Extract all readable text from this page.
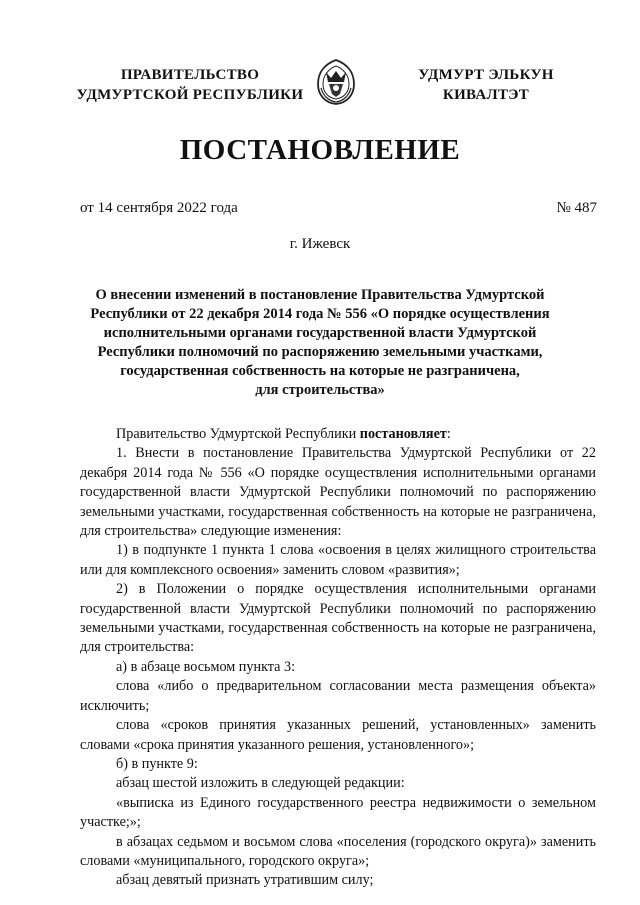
ПРАВИТЕЛЬСТВО
УДМУРТСКОЙ РЕСПУБЛИКИ
УДМУРТ ЭЛЬКУН
КИВАЛТЭТ
ПОСТАНОВЛЕНИЕ
от 14 сентября 2022 года	№ 487
г. Ижевск
О внесении изменений в постановление Правительства Удмуртской
Республики от 22 декабря 2014 года № 556 «О порядке осуществления
исполнительными органами государственной власти Удмуртской
Республики полномочий по распоряжению земельными участками,
государственная собственность на которые не разграничена,
для строительства»

Правительство Удмуртской Республики постановляет:

1. Внести в постановление Правительства Удмуртской Республики от 22 декабря 2014 года № 556 «О порядке осуществления исполнительными органами государственной власти Удмуртской Республики полномочий по распоряжению земельными участками, государственная собственность на которые не разграничена, для строительства» следующие изменения:

1) в подпункте 1 пункта 1 слова «освоения в целях жилищного строительства или для комплексного освоения» заменить словом «развития»;

2) в Положении о порядке осуществления исполнительными органами государственной власти Удмуртской Республики полномочий по распоряжению земельными участками, государственная собственность на которые не разграничена, для строительства:

а) в абзаце восьмом пункта 3:

слова «либо о предварительном согласовании места размещения объекта» исключить;

слова «сроков принятия указанных решений, установленных» заменить словами «срока принятия указанного решения, установленного»;

б) в пункте 9:

абзац шестой изложить в следующей редакции:

«выписка из Единого государственного реестра недвижимости о земельном участке;»;

в абзацах седьмом и восьмом слова «поселения (городского округа)» заменить словами «муниципального, городского округа»;

абзац девятый признать утратившим силу;
